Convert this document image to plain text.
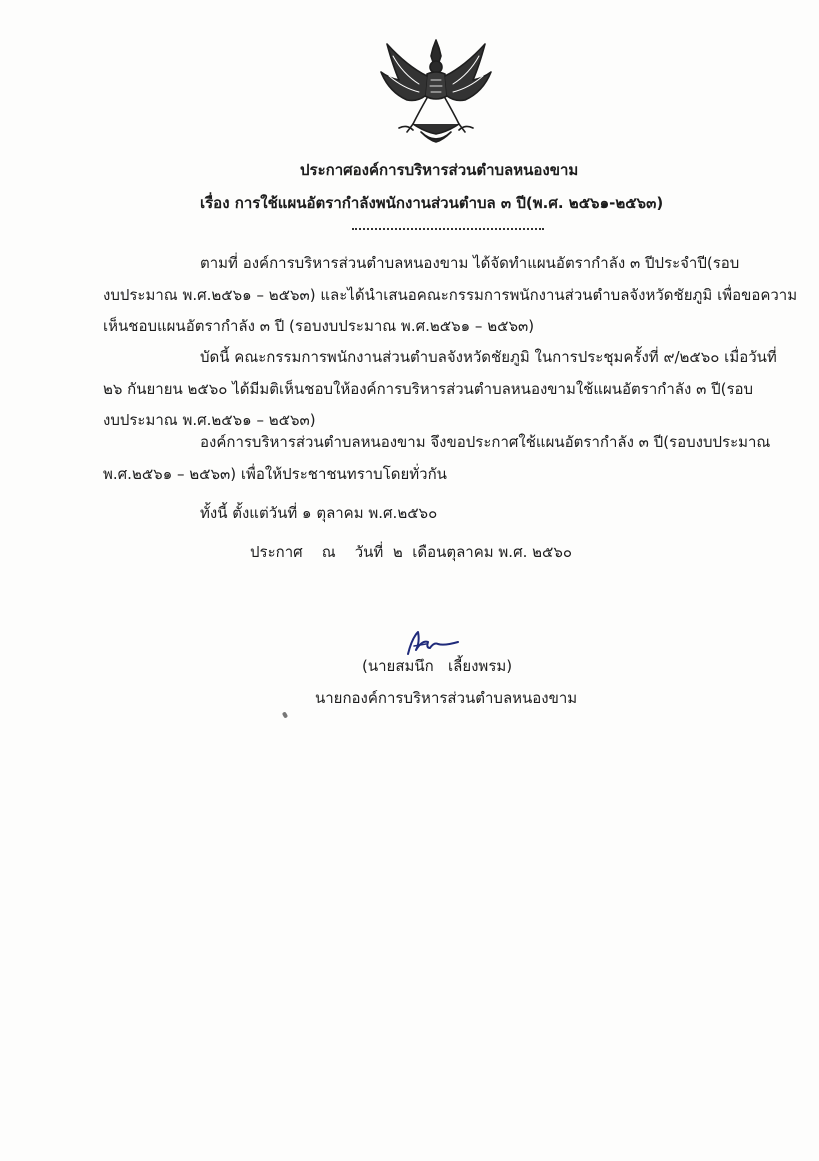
ประกาศองค์การบริหารส่วนตำบลหนองขาม
เรื่อง การใช้แผนอัตรากำลังพนักงานส่วนตำบล ๓ ปี(พ.ศ. ๒๕๖๑-๒๕๖๓)
ตามที่ องค์การบริหารส่วนตำบลหนองขาม ได้จัดทำแผนอัตรากำลัง ๓ ปีประจำปี(รอบ
งบประมาณ พ.ศ.๒๕๖๑ – ๒๕๖๓) และได้นำเสนอคณะกรรมการพนักงานส่วนตำบลจังหวัดชัยภูมิ เพื่อขอความ
เห็นชอบแผนอัตรากำลัง ๓ ปี (รอบงบประมาณ พ.ศ.๒๕๖๑ – ๒๕๖๓)
บัดนี้ คณะกรรมการพนักงานส่วนตำบลจังหวัดชัยภูมิ ในการประชุมครั้งที่ ๙/๒๕๖๐ เมื่อวันที่
๒๖ กันยายน ๒๕๖๐ ได้มีมติเห็นชอบให้องค์การบริหารส่วนตำบลหนองขามใช้แผนอัตรากำลัง ๓ ปี(รอบ
งบประมาณ พ.ศ.๒๕๖๑ – ๒๕๖๓)
องค์การบริหารส่วนตำบลหนองขาม จึงขอประกาศใช้แผนอัตรากำลัง ๓ ปี(รอบงบประมาณ
พ.ศ.๒๕๖๑ – ๒๕๖๓) เพื่อให้ประชาชนทราบโดยทั่วกัน
ทั้งนี้ ตั้งแต่วันที่ ๑ ตุลาคม พ.ศ.๒๕๖๐
ประกาศ    ณ    วันที่  ๒  เดือนตุลาคม พ.ศ. ๒๕๖๐
(นายสมนึก   เลี้ยงพรม)
นายกองค์การบริหารส่วนตำบลหนองขาม
